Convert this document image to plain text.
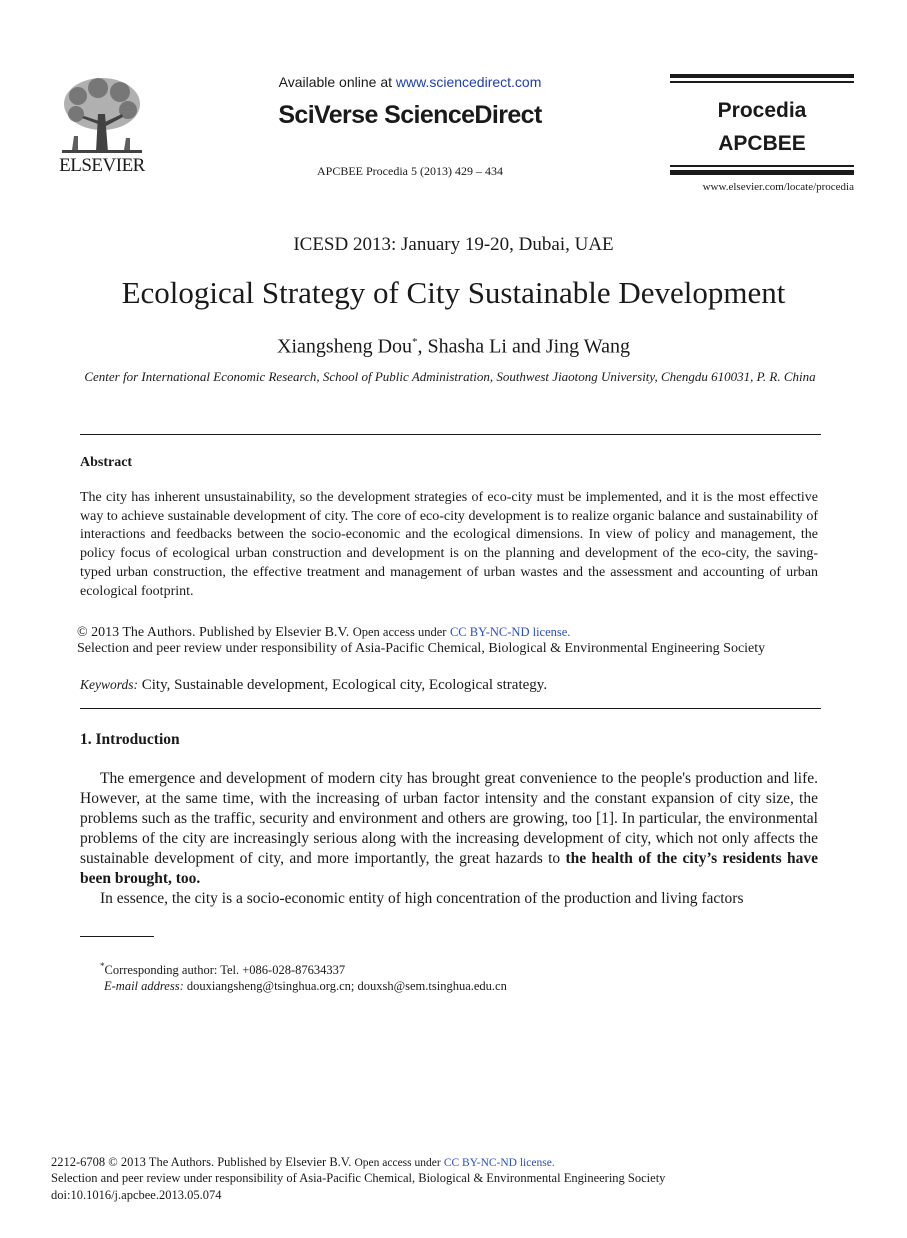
ELSEVIER
Available online at www.sciencedirect.com
SciVerse ScienceDirect
APCBEE Procedia 5 (2013) 429 – 434
Procedia
APCBEE
www.elsevier.com/locate/procedia
ICESD 2013: January 19-20, Dubai, UAE
Ecological Strategy of City Sustainable Development
Xiangsheng Dou*, Shasha Li and Jing Wang
Center for International Economic Research, School of Public Administration, Southwest Jiaotong University, Chengdu 610031, P. R. China
Abstract
The city has inherent unsustainability, so the development strategies of eco-city must be implemented, and it is the most effective way to achieve sustainable development of city. The core of eco-city development is to realize organic balance and sustainability of interactions and feedbacks between the socio-economic and the ecological dimensions. In view of policy and management, the policy focus of ecological urban construction and development is on the planning and development of the eco-city, the saving-typed urban construction, the effective treatment and management of urban wastes and the assessment and accounting of urban ecological footprint.
© 2013 The Authors. Published by Elsevier B.V. Open access under CC BY-NC-ND license.
Selection and peer review under responsibility of Asia-Pacific Chemical, Biological & Environmental Engineering Society
Keywords: City, Sustainable development, Ecological city, Ecological strategy.
1. Introduction

The emergence and development of modern city has brought great convenience to the people's production and life. However, at the same time, with the increasing of urban factor intensity and the constant expansion of city size, the problems such as the traffic, security and environment and others are growing, too [1]. In particular, the environmental problems of the city are increasingly serious along with the increasing development of city, which not only affects the sustainable development of city, and more importantly, the great hazards to the health of the city’s residents have been brought, too.

In essence, the city is a socio-economic entity of high concentration of the production and living factors

*Corresponding author: Tel. +086-028-87634337
E-mail address: douxiangsheng@tsinghua.org.cn; douxsh@sem.tsinghua.edu.cn
2212-6708 © 2013 The Authors. Published by Elsevier B.V. Open access under CC BY-NC-ND license.
Selection and peer review under responsibility of Asia-Pacific Chemical, Biological & Environmental Engineering Society
doi:10.1016/j.apcbee.2013.05.074
